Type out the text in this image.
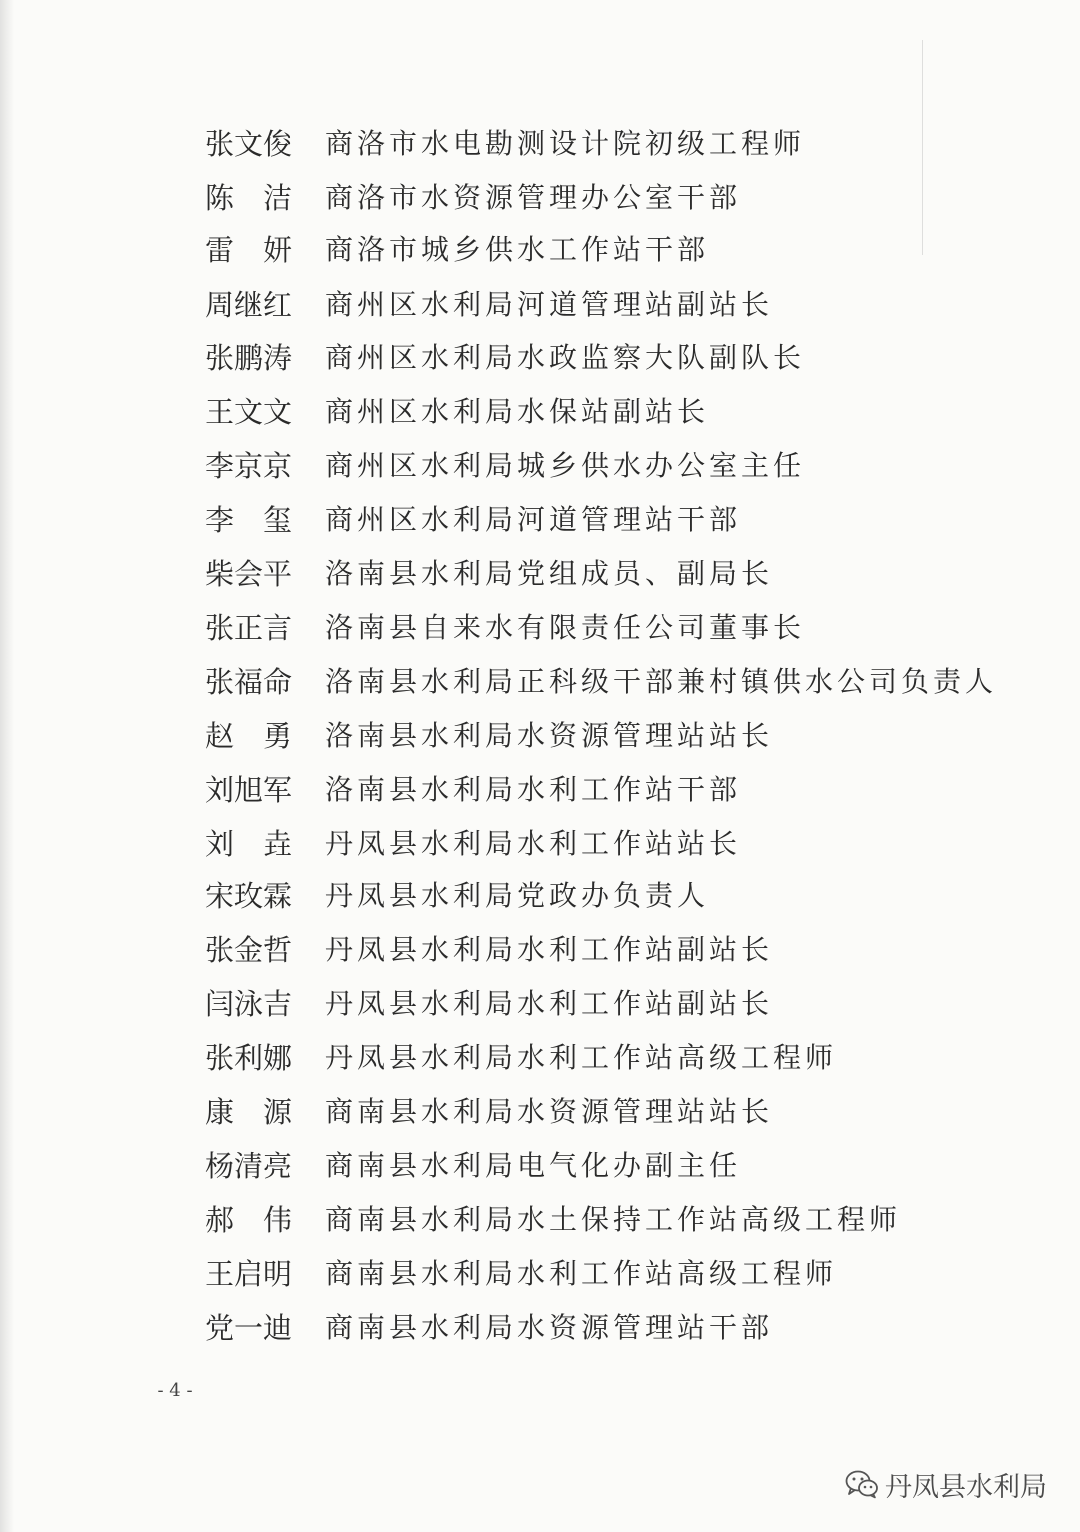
张文俊	商洛市水电勘测设计院初级工程师
陈　洁	商洛市水资源管理办公室干部
雷　妍	商洛市城乡供水工作站干部
周继红	商州区水利局河道管理站副站长
张鹏涛	商州区水利局水政监察大队副队长
王文文	商州区水利局水保站副站长
李京京	商州区水利局城乡供水办公室主任
李　玺	商州区水利局河道管理站干部
柴会平	洛南县水利局党组成员、副局长
张正言	洛南县自来水有限责任公司董事长
张福命	洛南县水利局正科级干部兼村镇供水公司负责人
赵　勇	洛南县水利局水资源管理站站长
刘旭军	洛南县水利局水利工作站干部
刘　垚	丹凤县水利局水利工作站站长
宋玫霖	丹凤县水利局党政办负责人
张金哲	丹凤县水利局水利工作站副站长
闫泳吉	丹凤县水利局水利工作站副站长
张利娜	丹凤县水利局水利工作站高级工程师
康　源	商南县水利局水资源管理站站长
杨清亮	商南县水利局电气化办副主任
郝　伟	商南县水利局水土保持工作站高级工程师
王启明	商南县水利局水利工作站高级工程师
党一迪	商南县水利局水资源管理站干部
- 4 -
丹凤县水利局
